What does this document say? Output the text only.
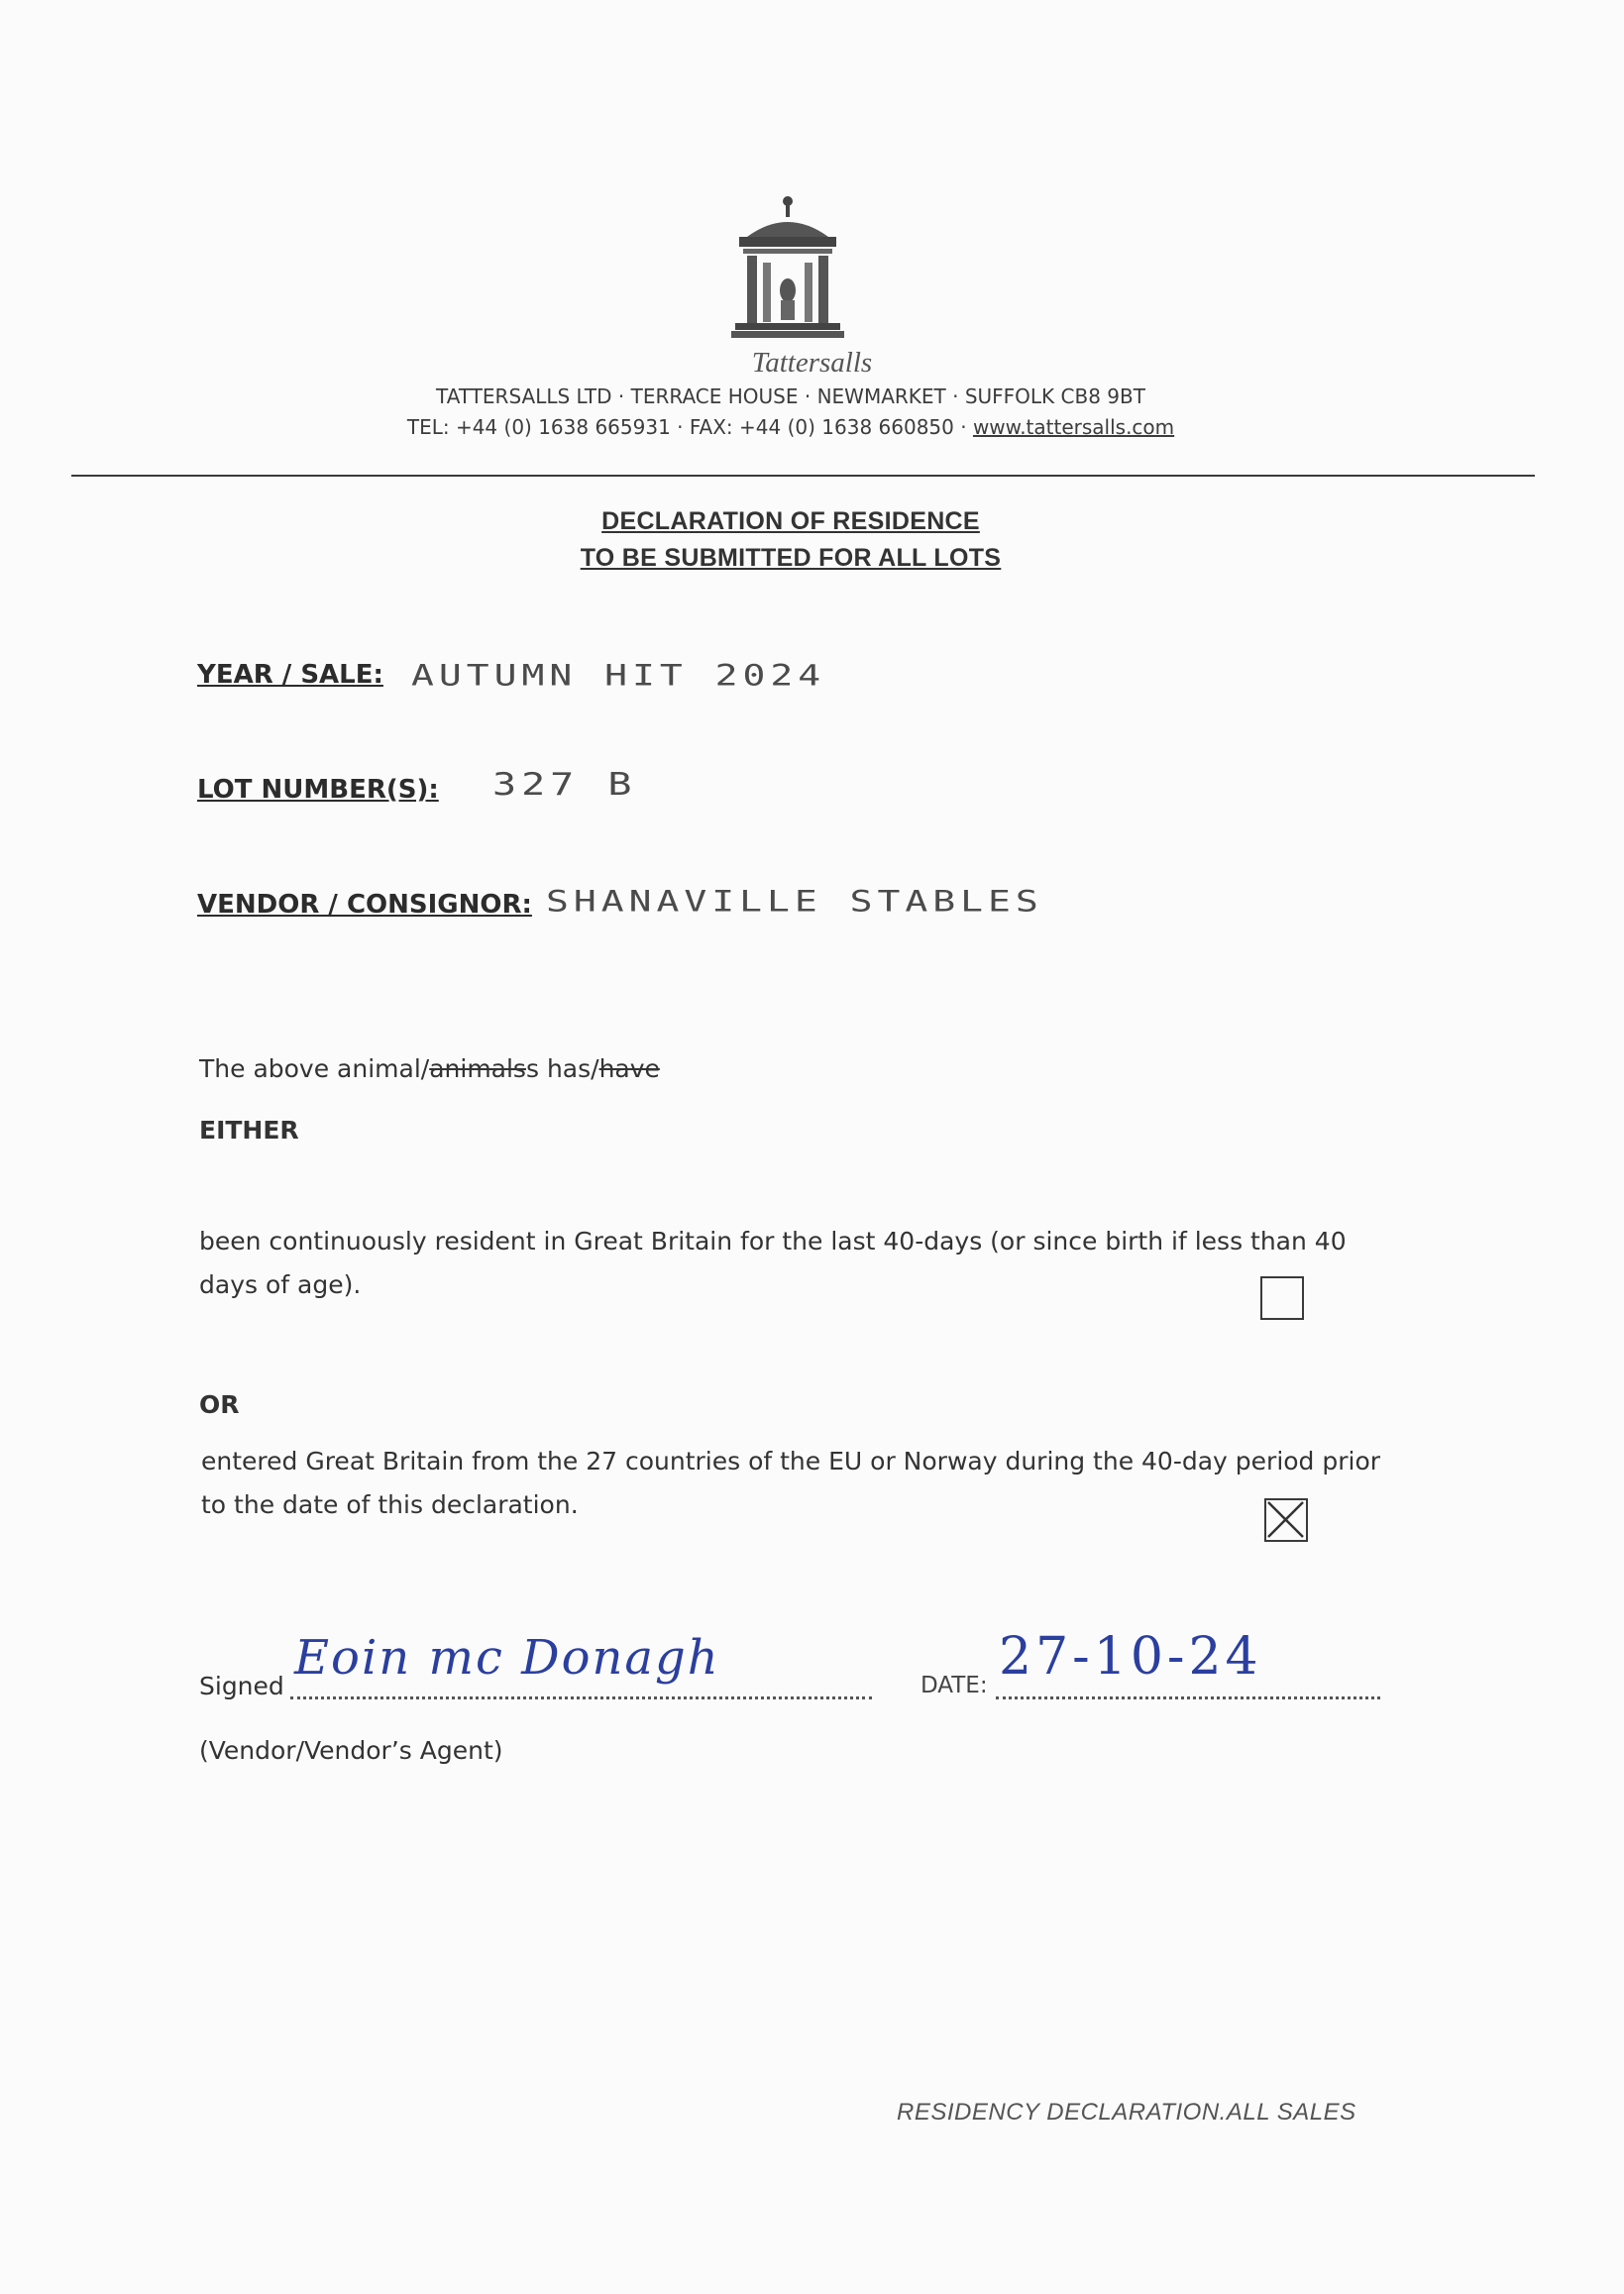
Tattersalls
TATTERSALLS LTD · TERRACE HOUSE · NEWMARKET · SUFFOLK CB8 9BT
TEL: +44 (0) 1638 665931 · FAX: +44 (0) 1638 660850 · www.tattersalls.com
DECLARATION OF RESIDENCE
TO BE SUBMITTED FOR ALL LOTS
YEAR / SALE: AUTUMN HIT 2024
LOT NUMBER(S): 327 B
VENDOR / CONSIGNOR: SHANAVILLE STABLES
The above animal/animalss has/have
EITHER
been continuously resident in Great Britain for the last 40-days (or since birth if less than 40 days of age).
OR
entered Great Britain from the 27 countries of the EU or Norway during the 40-day period prior to the date of this declaration.
Signed
Eoin mc Donagh	DATE: 27-10-24
(Vendor/Vendor’s Agent)
RESIDENCY DECLARATION.ALL SALES
